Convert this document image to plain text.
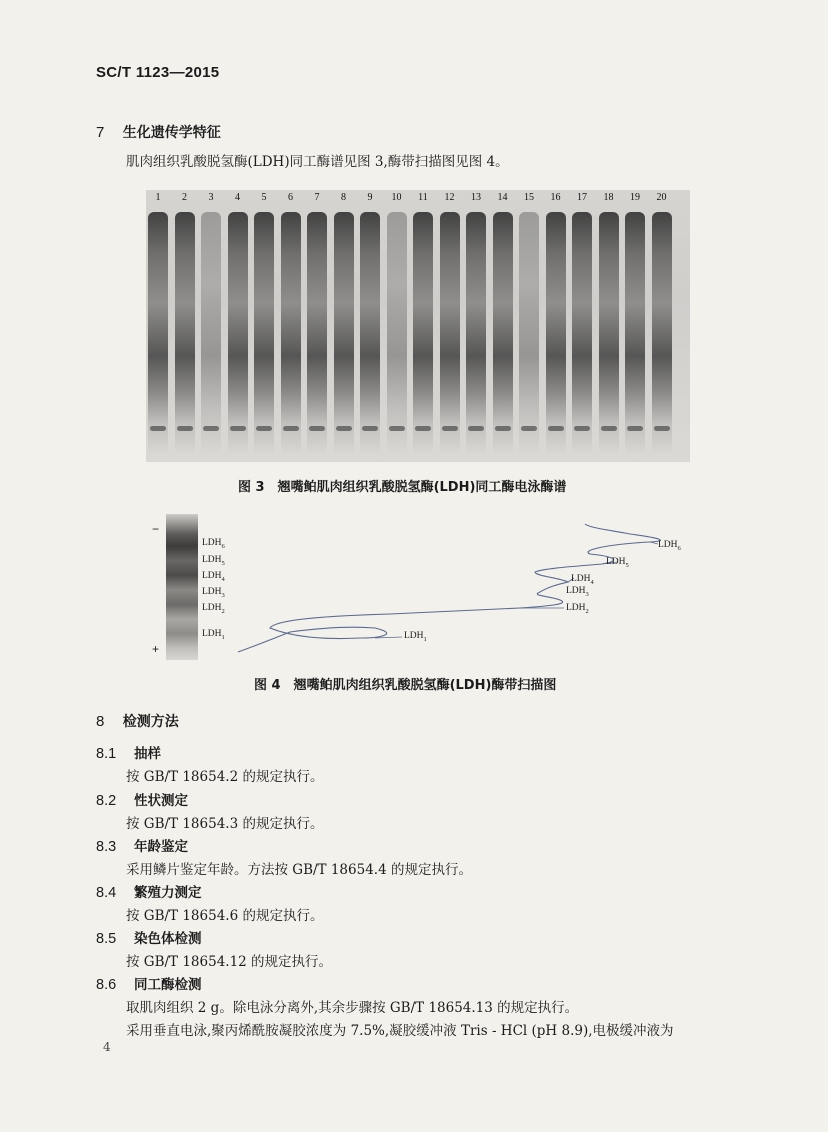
SC/T 1123—2015
7 生化遗传学特征
肌肉组织乳酸脱氢酶(LDH)同工酶谱见图 3,酶带扫描图见图 4。
1 2 3 4 5 6 7 8 9 10 11 12 13 14 15 16 17 18 19 20
图 3　翘嘴鲌肌肉组织乳酸脱氢酶(LDH)同工酶电泳酶谱
−
+
$LDH_6$
$LDH_5$
$LDH_4$
$LDH_3$
$LDH_2$
$LDH_1$	$LDH_1$
$LDH_2$
$LDH_3$
$LDH_4$
$LDH_5$
$LDH_6$
图 4　翘嘴鲌肌肉组织乳酸脱氢酶(LDH)酶带扫描图
8 检测方法
8.1 抽样
按 GB/T 18654.2 的规定执行。
8.2 性状测定
按 GB/T 18654.3 的规定执行。
8.3 年龄鉴定
采用鳞片鉴定年龄。方法按 GB/T 18654.4 的规定执行。
8.4 繁殖力测定
按 GB/T 18654.6 的规定执行。
8.5 染色体检测
按 GB/T 18654.12 的规定执行。
8.6 同工酶检测
取肌肉组织 2 g。除电泳分离外,其余步骤按 GB/T 18654.13 的规定执行。
采用垂直电泳,聚丙烯酰胺凝胶浓度为 7.5%,凝胶缓冲液 Tris - HCl (pH 8.9),电极缓冲液为
4
